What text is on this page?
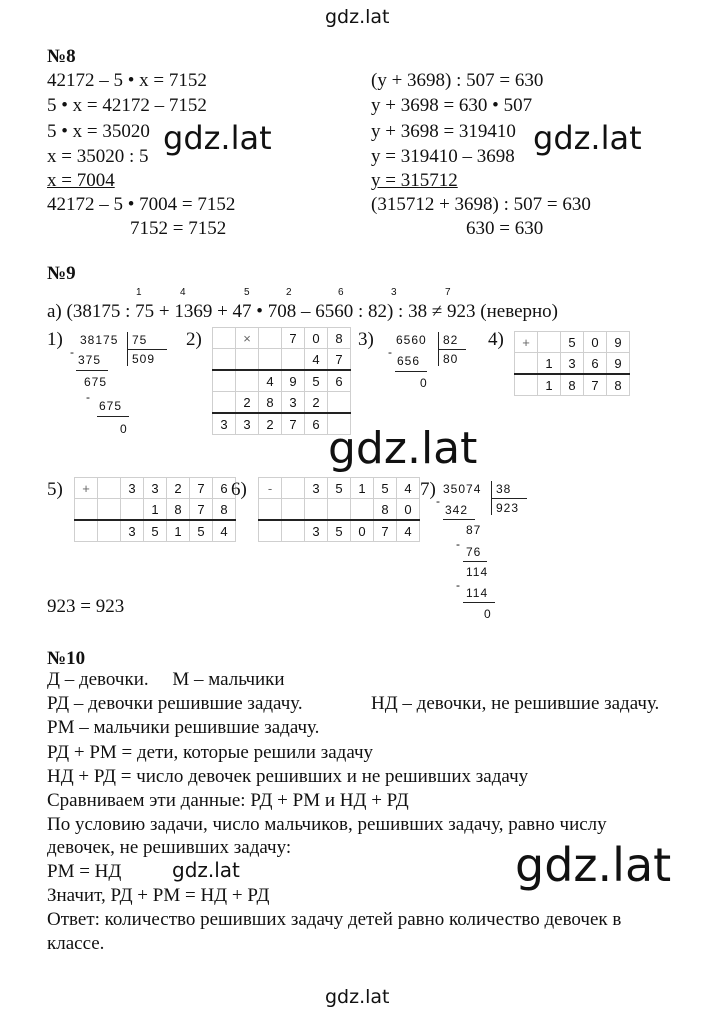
gdz.lat
gdz.lat	gdz.lat
gdz.lat
gdz.lat	gdz.lat
gdz.lat
№8
42172 – 5 • x = 7152
5 • x = 42172 – 7152
5 • x = 35020
x = 35020 : 5
x = 7004
42172 – 5 • 7004 = 7152
7152 = 7152
(y + 3698) : 507 = 630
y + 3698 = 630 • 507
y + 3698 = 319410
y = 319410 – 3698
y = 315712
(315712 + 3698) : 507 = 630
630 = 630
№9
1	4	5	2	6	3	7
a) (38175 : 75 + 1369 + 47 • 708 – 6560 : 82) : 38 ≠ 923 (неверно)
1) 38175 75
509
-
375
675
-
675
0
2)
		×		7	0	8
				4	7
		4	9	5	6
	2	8	3	2	
3	3	2	7	6	
3) 6560 82
80
-
656
0
4) +		5	0	9
	1	3	6	9
	1	8	7	8
5) +		3	3	2	7	6
			1	8	7	8
		3	5	1	5	4
6) -		3	5	1	5	4
					8	0
		3	5	0	7	4
7) 35074 38
923
-
342
87
-
76
114
-
114
0
923 = 923
№10
Д – девочки.     М – мальчики
РД – девочки решившие задачу.	НД – девочки, не решившие задачу.
РМ – мальчики решившие задачу.
РД + РМ = дети, которые решили задачу
НД + РД = число девочек решивших и не решивших задачу
Сравниваем эти данные: РД + РМ и НД + РД
По условию задачи, число мальчиков, решивших задачу, равно числу
девочек, не решивших задачу:
РМ = НД
Значит, РД + РМ = НД + РД
Ответ: количество решивших задачу детей равно количество девочек в
классе.
